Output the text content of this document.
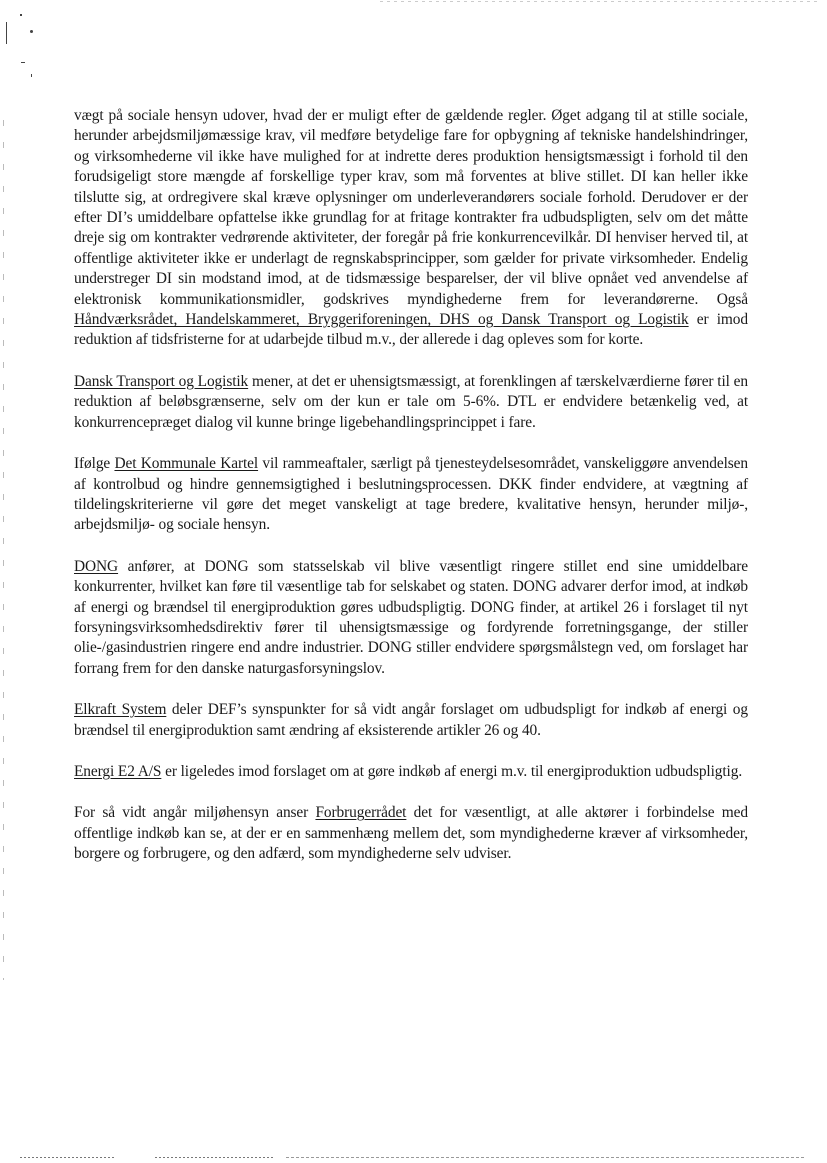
vægt på sociale hensyn udover, hvad der er muligt efter de gældende regler. Øget adgang til at stille sociale, herunder arbejdsmiljømæssige krav, vil medføre betydelige fare for opbygning af tekniske handelshindringer, og virksomhederne vil ikke have mulighed for at indrette deres produktion hensigtsmæssigt i forhold til den forudsigeligt store mængde af forskellige typer krav, som må forventes at blive stillet. DI kan heller ikke tilslutte sig, at ordregivere skal kræve oplysninger om underleverandørers sociale forhold. Derudover er der efter DI’s umiddelbare opfattelse ikke grundlag for at fritage kontrakter fra udbudspligten, selv om det måtte dreje sig om kontrakter vedrørende aktiviteter, der foregår på frie konkurrencevilkår. DI henviser herved til, at offentlige aktiviteter ikke er underlagt de regnskabsprincipper, som gælder for private virksomheder. Endelig understreger DI sin modstand imod, at de tidsmæssige besparelser, der vil blive opnået ved anvendelse af elektronisk kommunikationsmidler, godskrives myndighederne frem for leverandørerne. Også Håndværksrådet, Handelskammeret, Bryggeriforeningen, DHS og Dansk Transport og Logistik er imod reduktion af tidsfristerne for at udarbejde tilbud m.v., der allerede i dag opleves som for korte.

Dansk Transport og Logistik mener, at det er uhensigtsmæssigt, at forenklingen af tærskelværdierne fører til en reduktion af beløbsgrænserne, selv om der kun er tale om 5-6%. DTL er endvidere betænkelig ved, at konkurrencepræget dialog vil kunne bringe ligebehandlingsprincippet i fare.

Ifølge Det Kommunale Kartel vil rammeaftaler, særligt på tjenesteydelsesområdet, vanskeliggøre anvendelsen af kontrolbud og hindre gennemsigtighed i beslutningsprocessen. DKK finder endvidere, at vægtning af tildelingskriterierne vil gøre det meget vanskeligt at tage bredere, kvalitative hensyn, herunder miljø-, arbejdsmiljø- og sociale hensyn.

DONG anfører, at DONG som statsselskab vil blive væsentligt ringere stillet end sine umiddelbare konkurrenter, hvilket kan føre til væsentlige tab for selskabet og staten. DONG advarer derfor imod, at indkøb af energi og brændsel til energiproduktion gøres udbudspligtig. DONG finder, at artikel 26 i forslaget til nyt forsyningsvirksomhedsdirektiv fører til uhensigtsmæssige og fordyrende forretningsgange, der stiller olie-/gasindustrien ringere end andre industrier. DONG stiller endvidere spørgsmålstegn ved, om forslaget har forrang frem for den danske naturgasforsyningslov.

Elkraft System deler DEF’s synspunkter for så vidt angår forslaget om udbudspligt for indkøb af energi og brændsel til energiproduktion samt ændring af eksisterende artikler 26 og 40.

Energi E2 A/S er ligeledes imod forslaget om at gøre indkøb af energi m.v. til energiproduktion udbudspligtig.

For så vidt angår miljøhensyn anser Forbrugerrådet det for væsentligt, at alle aktører i forbindelse med offentlige indkøb kan se, at der er en sammenhæng mellem det, som myndighederne kræver af virksomheder, borgere og forbrugere, og den adfærd, som myndighederne selv udviser.
